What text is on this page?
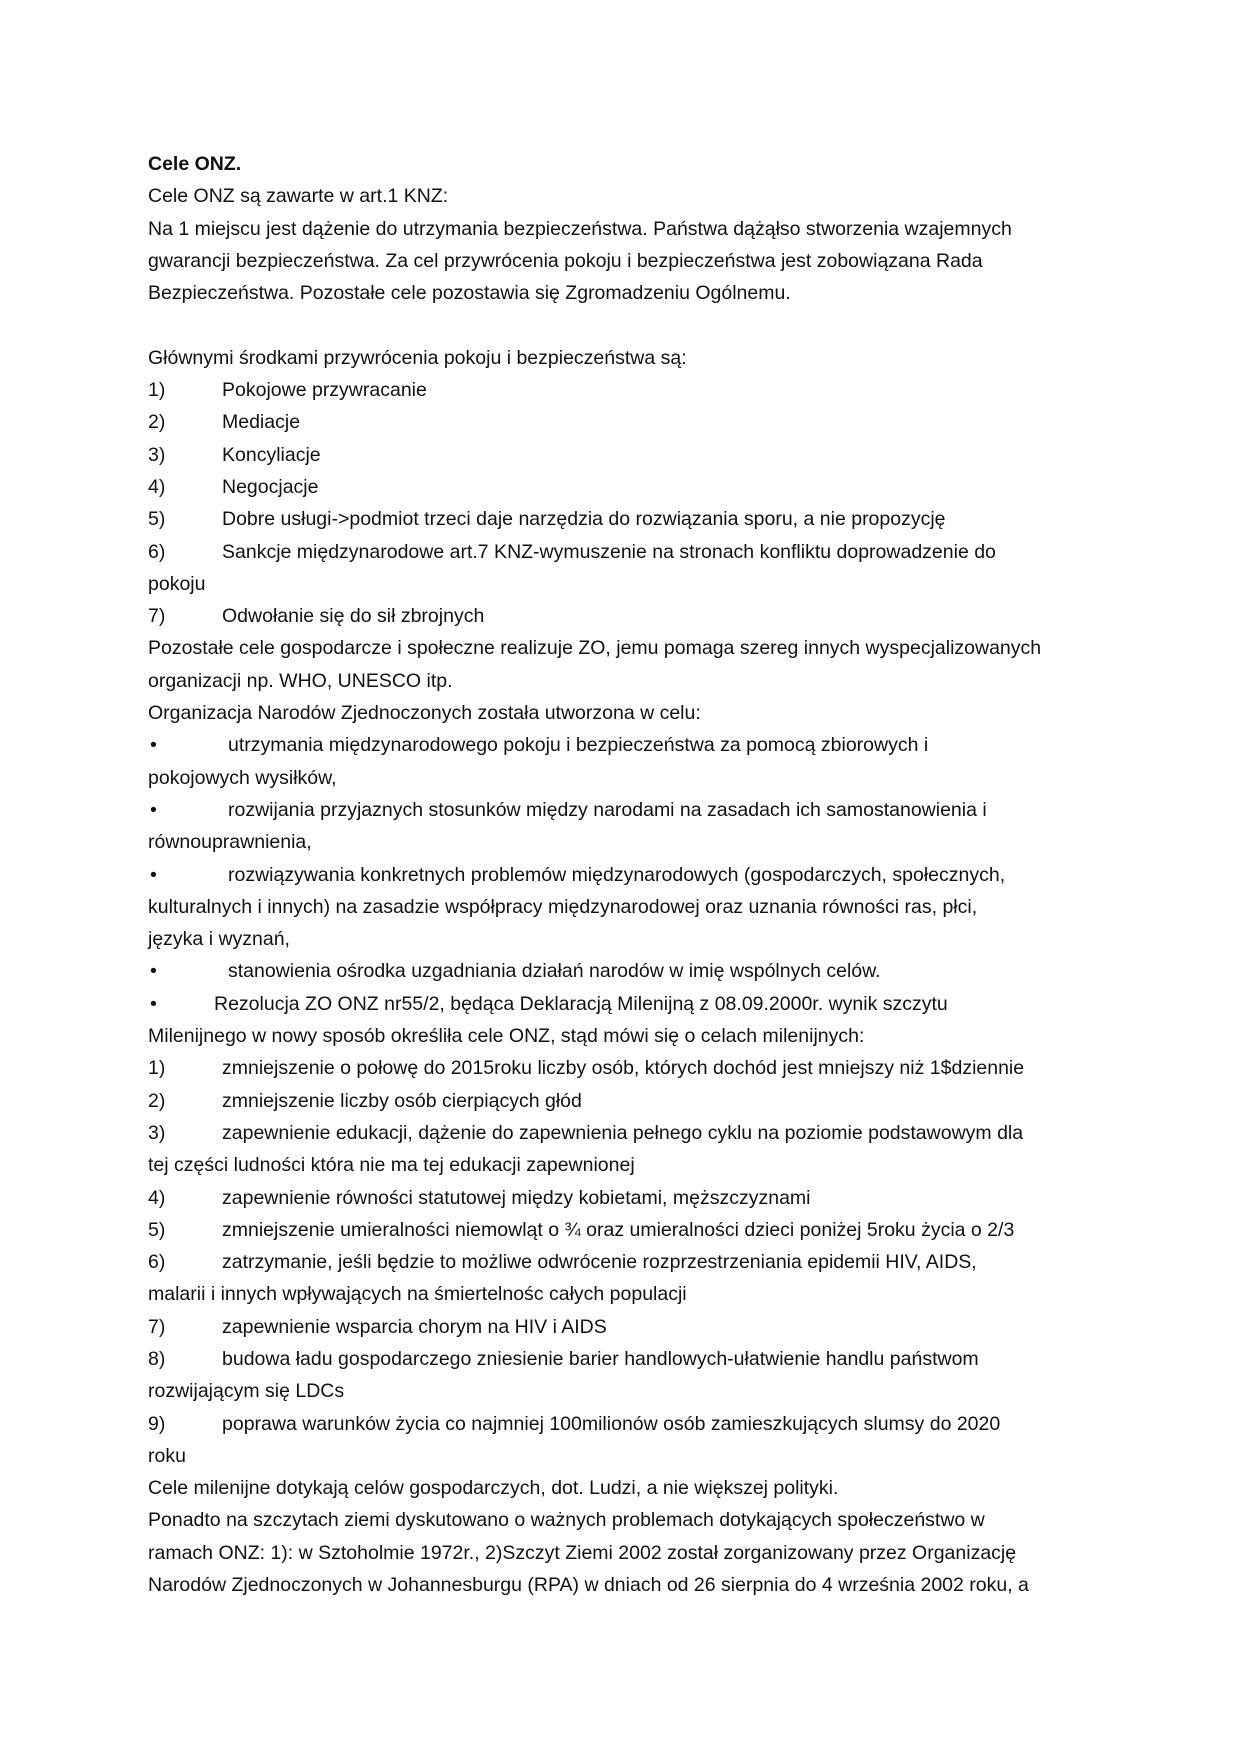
Cele ONZ.
Cele ONZ są zawarte w art.1 KNZ:
Na 1 miejscu jest dążenie do utrzymania bezpieczeństwa. Państwa dążąłso stworzenia wzajemnych
gwarancji bezpieczeństwa. Za cel przywrócenia pokoju i bezpieczeństwa jest zobowiązana Rada
Bezpieczeństwa. Pozostałe cele pozostawia się Zgromadzeniu Ogólnemu.
Głównymi środkami przywrócenia pokoju i bezpieczeństwa są:
1)	Pokojowe przywracanie
2)	Mediacje
3)	Koncyliacje
4)	Negocjacje
5)	Dobre usługi->podmiot trzeci daje narzędzia do rozwiązania sporu, a nie propozycję
6)	Sankcje międzynarodowe art.7 KNZ-wymuszenie na stronach konfliktu doprowadzenie do
pokoju
7)	Odwołanie się do sił zbrojnych
Pozostałe cele gospodarcze i społeczne realizuje ZO, jemu pomaga szereg innych wyspecjalizowanych
organizacji np. WHO, UNESCO itp.
Organizacja Narodów Zjednoczonych została utworzona w celu:
•	utrzymania międzynarodowego pokoju i bezpieczeństwa za pomocą zbiorowych i
pokojowych wysiłków,
•	rozwijania przyjaznych stosunków między narodami na zasadach ich samostanowienia i
równouprawnienia,
•	rozwiązywania konkretnych problemów międzynarodowych (gospodarczych, społecznych,
kulturalnych i innych) na zasadzie współpracy międzynarodowej oraz uznania równości ras, płci,
języka i wyznań,
•	stanowienia ośrodka uzgadniania działań narodów w imię wspólnych celów.
•	Rezolucja ZO ONZ nr55/2, będąca Deklaracją Milenijną z 08.09.2000r. wynik szczytu
Milenijnego w nowy sposób określiła cele ONZ, stąd mówi się o celach milenijnych:
1)	zmniejszenie o połowę do 2015roku liczby osób, których dochód jest mniejszy niż 1$dziennie
2)	zmniejszenie liczby osób cierpiących głód
3)	zapewnienie edukacji, dążenie do zapewnienia pełnego cyklu na poziomie podstawowym dla
tej części ludności która nie ma tej edukacji zapewnionej
4)	zapewnienie równości statutowej między kobietami, męższczyznami
5)	zmniejszenie umieralności niemowląt o ¾ oraz umieralności dzieci poniżej 5roku życia o 2/3
6)	zatrzymanie, jeśli będzie to możliwe odwrócenie rozprzestrzeniania epidemii HIV, AIDS,
malarii i innych wpływających na śmiertelnośc całych populacji
7)	zapewnienie wsparcia chorym na HIV i AIDS
8)	budowa ładu gospodarczego zniesienie barier handlowych-ułatwienie handlu państwom
rozwijającym się LDCs
9)	poprawa warunków życia co najmniej 100milionów osób zamieszkujących slumsy do 2020
roku
Cele milenijne dotykają celów gospodarczych, dot. Ludzi, a nie większej polityki.
Ponadto na szczytach ziemi dyskutowano o ważnych problemach dotykających społeczeństwo w
ramach ONZ: 1): w Sztoholmie 1972r., 2)Szczyt Ziemi 2002 został zorganizowany przez Organizację
Narodów Zjednoczonych w Johannesburgu (RPA) w dniach od 26 sierpnia do 4 września 2002 roku, a
